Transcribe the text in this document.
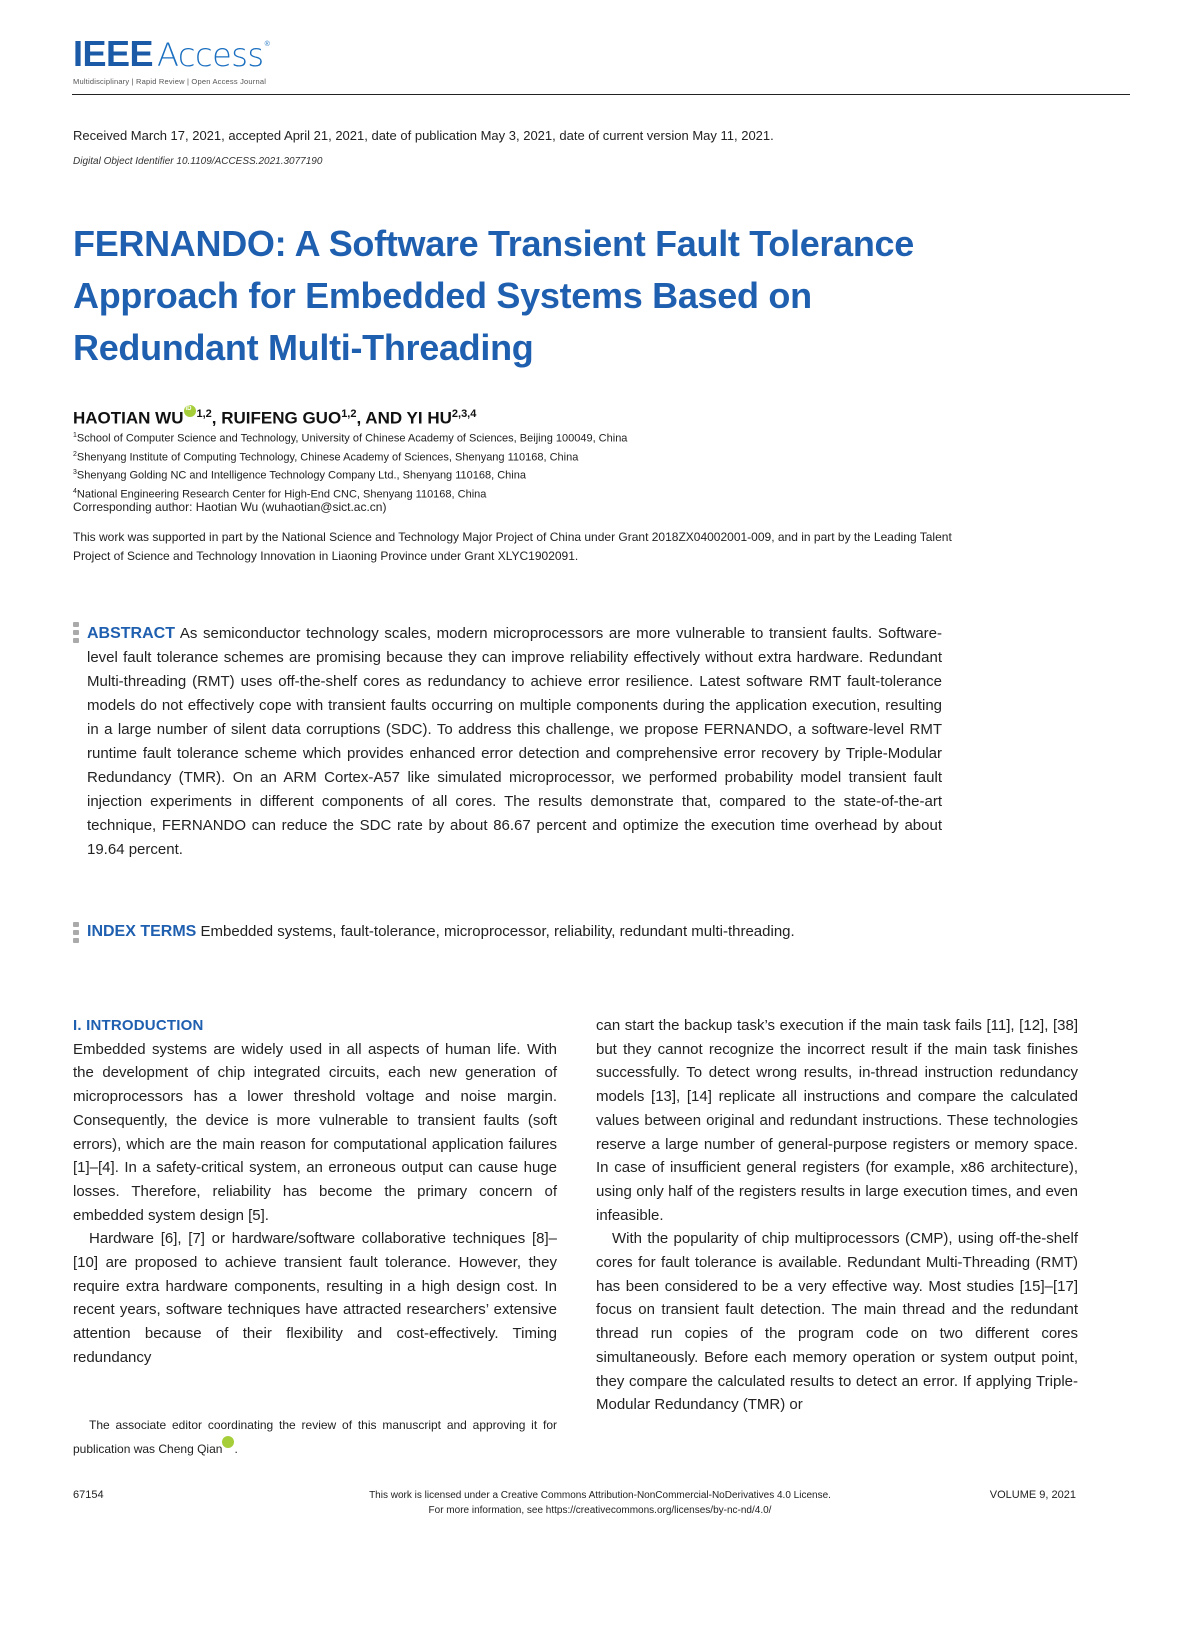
IEEE Access ®
Multidisciplinary | Rapid Review | Open Access Journal
Received March 17, 2021, accepted April 21, 2021, date of publication May 3, 2021, date of current version May 11, 2021.
Digital Object Identifier 10.1109/ACCESS.2021.3077190
FERNANDO: A Software Transient Fault Tolerance Approach for Embedded Systems Based on Redundant Multi-Threading
HAOTIAN WUiD $^{1,2}$, RUIFENG GUO$^{1,2}$, AND YI HU$^{2,3,4}$
$^1$School of Computer Science and Technology, University of Chinese Academy of Sciences, Beijing 100049, China
$^2$Shenyang Institute of Computing Technology, Chinese Academy of Sciences, Shenyang 110168, China
$^3$Shenyang Golding NC and Intelligence Technology Company Ltd., Shenyang 110168, China
$^4$National Engineering Research Center for High-End CNC, Shenyang 110168, China
Corresponding author: Haotian Wu (wuhaotian@sict.ac.cn)
This work was supported in part by the National Science and Technology Major Project of China under Grant 2018ZX04002001-009, and in part by the Leading Talent Project of Science and Technology Innovation in Liaoning Province under Grant XLYC1902091.
ABSTRACT As semiconductor technology scales, modern microprocessors are more vulnerable to transient faults. Software-level fault tolerance schemes are promising because they can improve reliability effectively without extra hardware. Redundant Multi-threading (RMT) uses off-the-shelf cores as redundancy to achieve error resilience. Latest software RMT fault-tolerance models do not effectively cope with transient faults occurring on multiple components during the application execution, resulting in a large number of silent data corruptions (SDC). To address this challenge, we propose FERNANDO, a software-level RMT runtime fault tolerance scheme which provides enhanced error detection and comprehensive error recovery by Triple-Modular Redundancy (TMR). On an ARM Cortex-A57 like simulated microprocessor, we performed probability model transient fault injection experiments in different components of all cores. The results demonstrate that, compared to the state-of-the-art technique, FERNANDO can reduce the SDC rate by about 86.67 percent and optimize the execution time overhead by about 19.64 percent.
INDEX TERMS Embedded systems, fault-tolerance, microprocessor, reliability, redundant multi-threading.
I. INTRODUCTION

Embedded systems are widely used in all aspects of human life. With the development of chip integrated circuits, each new generation of microprocessors has a lower threshold voltage and noise margin. Consequently, the device is more vulnerable to transient faults (soft errors), which are the main reason for computational application failures [1]–[4]. In a safety-critical system, an erroneous output can cause huge losses. Therefore, reliability has become the primary concern of embedded system design [5].

Hardware [6], [7] or hardware/software collaborative techniques [8]–[10] are proposed to achieve transient fault tolerance. However, they require extra hardware components, resulting in a high design cost. In recent years, software techniques have attracted researchers’ extensive attention because of their flexibility and cost-effectively. Timing redundancy

can start the backup task’s execution if the main task fails [11], [12], [38] but they cannot recognize the incorrect result if the main task finishes successfully. To detect wrong results, in-thread instruction redundancy models [13], [14] replicate all instructions and compare the calculated values between original and redundant instructions. These technologies reserve a large number of general-purpose registers or memory space. In case of insufficient general registers (for example, x86 architecture), using only half of the registers results in large execution times, and even infeasible.

With the popularity of chip multiprocessors (CMP), using off-the-shelf cores for fault tolerance is available. Redundant Multi-Threading (RMT) has been considered to be a very effective way. Most studies [15]–[17] focus on transient fault detection. The main thread and the redundant thread run copies of the program code on two different cores simultaneously. Before each memory operation or system output point, they compare the calculated results to detect an error. If applying Triple-Modular Redundancy (TMR) or

The associate editor coordinating the review of this manuscript and approving it for publication was Cheng Qian .
67154	This work is licensed under a Creative Commons Attribution-NonCommercial-NoDerivatives 4.0 License.
For more information, see https://creativecommons.org/licenses/by-nc-nd/4.0/
VOLUME 9, 2021
